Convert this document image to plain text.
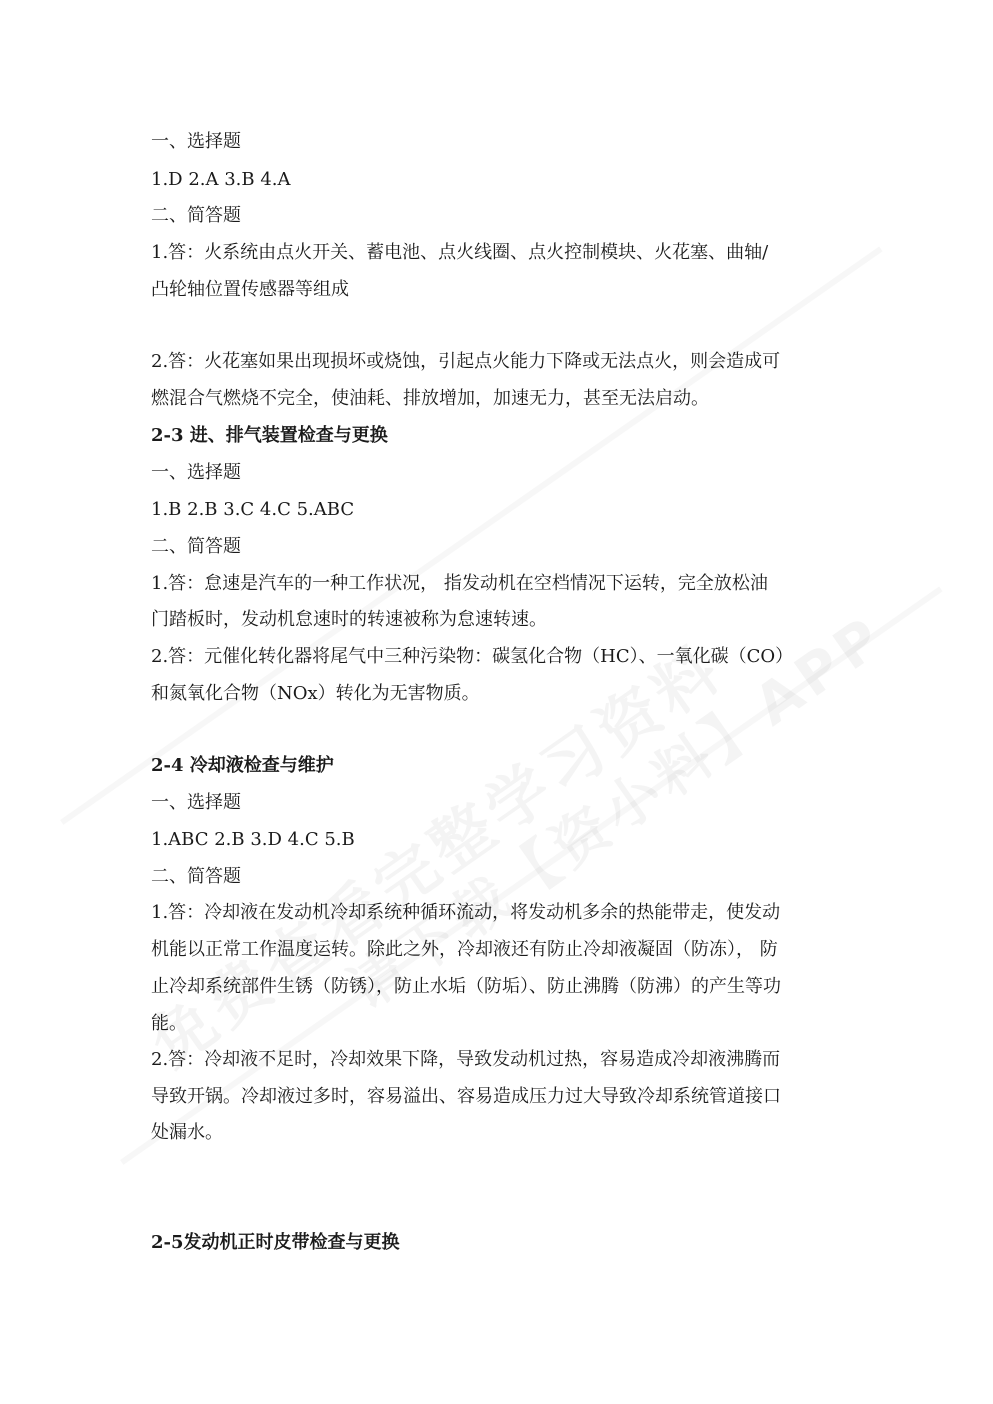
一、选择题
1.D 2.A 3.B 4.A
二、简答题
1.答：火系统由点火开关、蓄电池、点火线圈、点火控制模块、火花塞、曲轴/
凸轮轴位置传感器等组成
2.答：火花塞如果出现损坏或烧蚀，引起点火能力下降或无法点火，则会造成可
燃混合气燃烧不完全，使油耗、排放增加，加速无力，甚至无法启动。
2-3 进、排气装置检查与更换
一、选择题
1.B 2.B 3.C 4.C 5.ABC
二、简答题
1.答：怠速是汽车的一种工作状况， 指发动机在空档情况下运转，完全放松油
门踏板时，发动机怠速时的转速被称为怠速转速。
2.答：元催化转化器将尾气中三种污染物：碳氢化合物（HC）、一氧化碳（CO）
和氮氧化合物（NOx）转化为无害物质。
2-4 冷却液检查与维护
一、选择题
1.ABC 2.B 3.D 4.C 5.B
二、简答题
1.答：冷却液在发动机冷却系统种循环流动，将发动机多余的热能带走，使发动
机能以正常工作温度运转。除此之外，冷却液还有防止冷却液凝固（防冻）， 防
止冷却系统部件生锈（防锈），防止水垢（防垢）、防止沸腾（防沸）的产生等功
能。
2.答：冷却液不足时，冷却效果下降，导致发动机过热，容易造成冷却液沸腾而
导致开锅。冷却液过多时，容易溢出、容易造成压力过大导致冷却系统管道接口
处漏水。
2-5发动机正时皮带检查与更换
